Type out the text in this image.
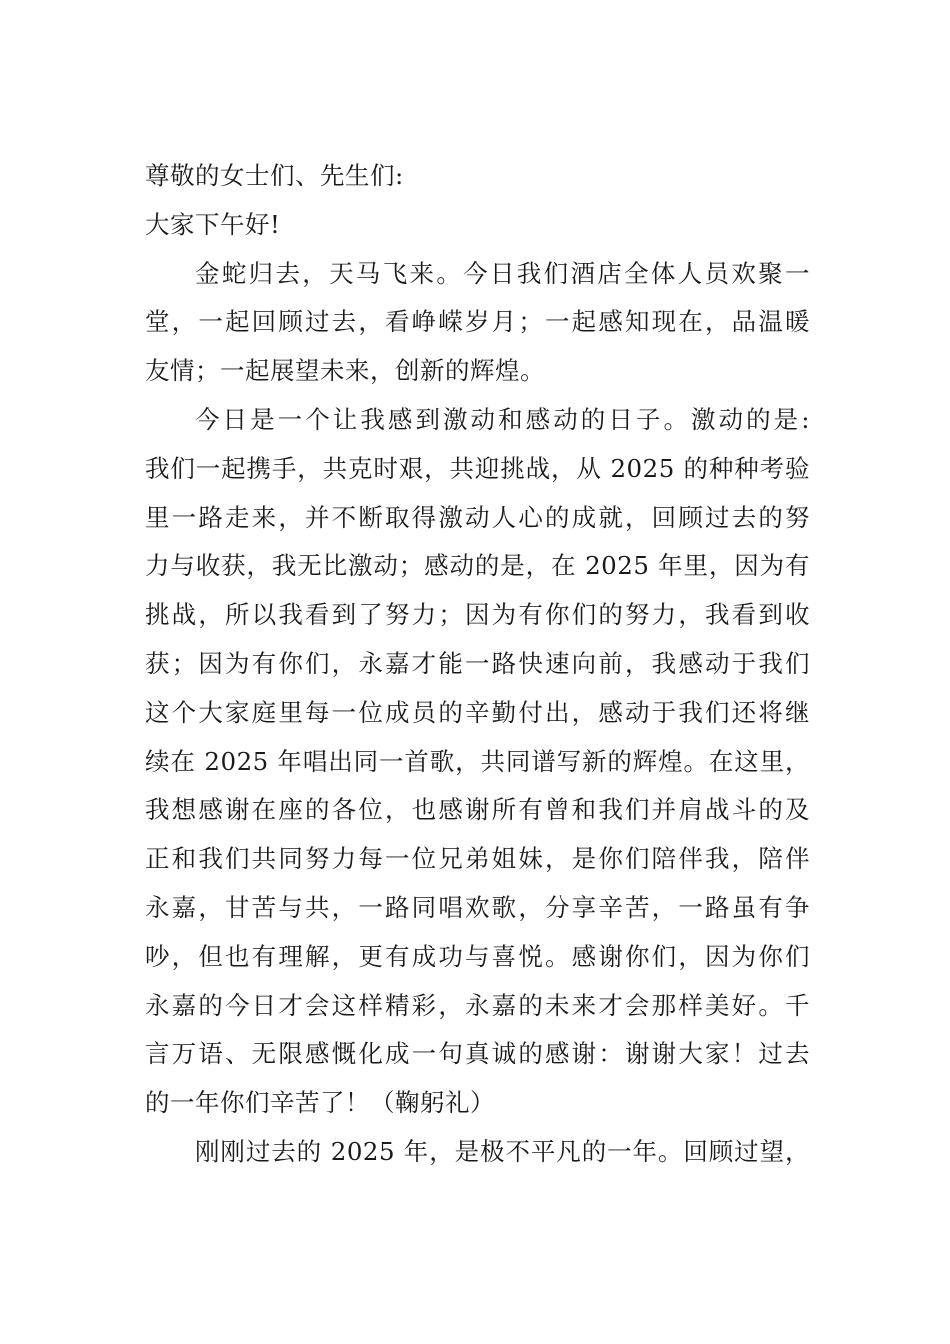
尊敬的女士们、先生们:
大家下午好!
金蛇归去，天马飞来。今日我们酒店全体人员欢聚一
堂，一起回顾过去，看峥嵘岁月；一起感知现在，品温暖
友情；一起展望未来，创新的辉煌。
今日是一个让我感到激动和感动的日子。激动的是:
我们一起携手，共克时艰，共迎挑战，从 2025 的种种考验
里一路走来，并不断取得激动人心的成就，回顾过去的努
力与收获，我无比激动；感动的是，在 2025 年里，因为有
挑战，所以我看到了努力；因为有你们的努力，我看到收
获；因为有你们，永嘉才能一路快速向前，我感动于我们
这个大家庭里每一位成员的辛勤付出，感动于我们还将继
续在 2025 年唱出同一首歌，共同谱写新的辉煌。在这里，
我想感谢在座的各位，也感谢所有曾和我们并肩战斗的及
正和我们共同努力每一位兄弟姐妹，是你们陪伴我，陪伴
永嘉，甘苦与共，一路同唱欢歌，分享辛苦，一路虽有争
吵，但也有理解，更有成功与喜悦。感谢你们，因为你们
永嘉的今日才会这样精彩，永嘉的未来才会那样美好。千
言万语、无限感慨化成一句真诚的感谢：谢谢大家！过去
的一年你们辛苦了！（鞠躬礼）
刚刚过去的 2025 年，是极不平凡的一年。回顾过望，
